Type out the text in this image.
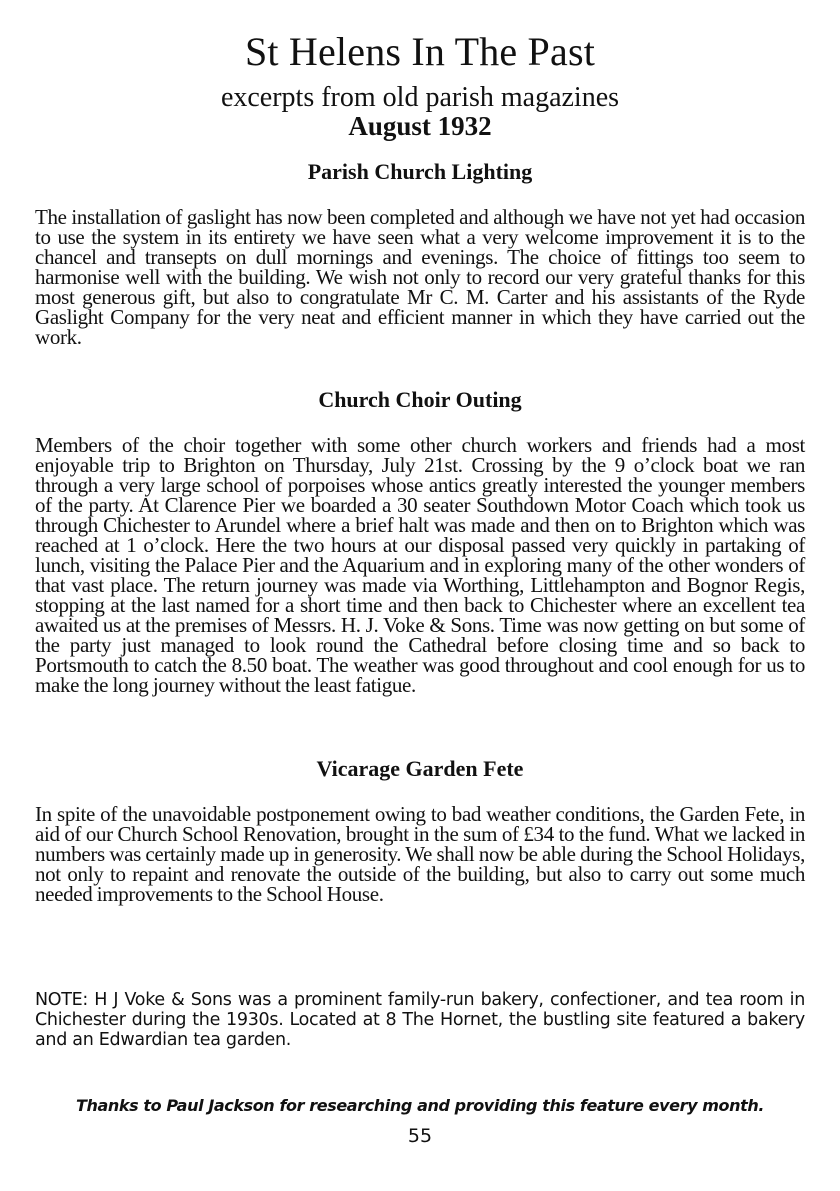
St Helens In The Past
excerpts from old parish magazines
August 1932
Parish Church Lighting

The installation of gaslight has now been completed and although we have not yet had occasion to use the system in its entirety we have seen what a very welcome improvement it is to the chancel and transepts on dull mornings and evenings. The choice of fittings too seem to harmonise well with the building. We wish not only to record our very grateful thanks for this most generous gift, but also to congratulate Mr C. M. Carter and his assistants of the Ryde Gaslight Company for the very neat and efficient manner in which they have carried out the work.

Church Choir Outing

Members of the choir together with some other church workers and friends had a most enjoyable trip to Brighton on Thursday, July 21st. Crossing by the 9 o’clock boat we ran through a very large school of porpoises whose antics greatly interested the younger members of the party. At Clarence Pier we boarded a 30 seater Southdown Motor Coach which took us through Chichester to Arundel where a brief halt was made and then on to Brighton which was reached at 1 o’clock. Here the two hours at our disposal passed very quickly in partaking of lunch, visiting the Palace Pier and the Aquarium and in exploring many of the other wonders of that vast place. The return journey was made via Worthing, Littlehampton and Bognor Regis, stopping at the last named for a short time and then back to Chichester where an excellent tea awaited us at the premises of Messrs. H. J. Voke & Sons. Time was now getting on but some of the party just managed to look round the Cathedral before closing time and so back to Portsmouth to catch the 8.50 boat. The weather was good throughout and cool enough for us to make the long journey without the least fatigue.

Vicarage Garden Fete

In spite of the unavoidable postponement owing to bad weather conditions, the Garden Fete, in aid of our Church School Renovation, brought in the sum of £34 to the fund. What we lacked in numbers was certainly made up in generosity. We shall now be able during the School Holidays, not only to repaint and renovate the outside of the building, but also to carry out some much needed improvements to the School House.

NOTE: H J Voke & Sons was a prominent family-run bakery, confectioner, and tea room in Chichester during the 1930s. Located at 8 The Hornet, the bustling site featured a bakery and an Edwardian tea garden.

Thanks to Paul Jackson for researching and providing this feature every month.
55
